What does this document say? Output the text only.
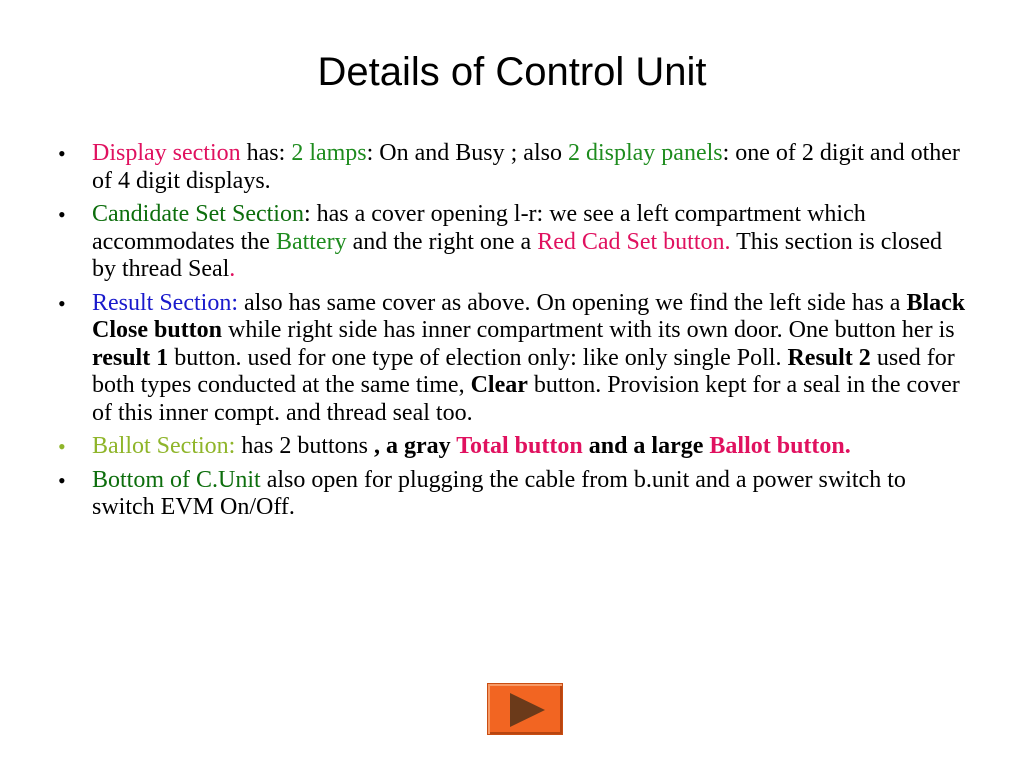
Details of Control Unit
• Display section has: 2 lamps: On and Busy ; also 2 display panels: one of 2 digit and other of 4 digit displays.
• Candidate Set Section: has a cover opening l-r: we see a left compartment which accommodates the Battery and the right one a Red Cad Set button. This section is closed by thread Seal.
• Result Section: also has same cover as above. On opening we find the left side has a Black Close button while right side has inner compartment with its own door. One button her is result 1 button. used for one type of election only: like only single Poll. Result 2 used for both types conducted at the same time, Clear button. Provision kept for a seal in the cover of this inner compt. and thread seal too.
• Ballot Section: has 2 buttons , a gray Total button and a large Ballot button.
• Bottom of C.Unit also open for plugging the cable from b.unit and a power switch to switch EVM On/Off.
